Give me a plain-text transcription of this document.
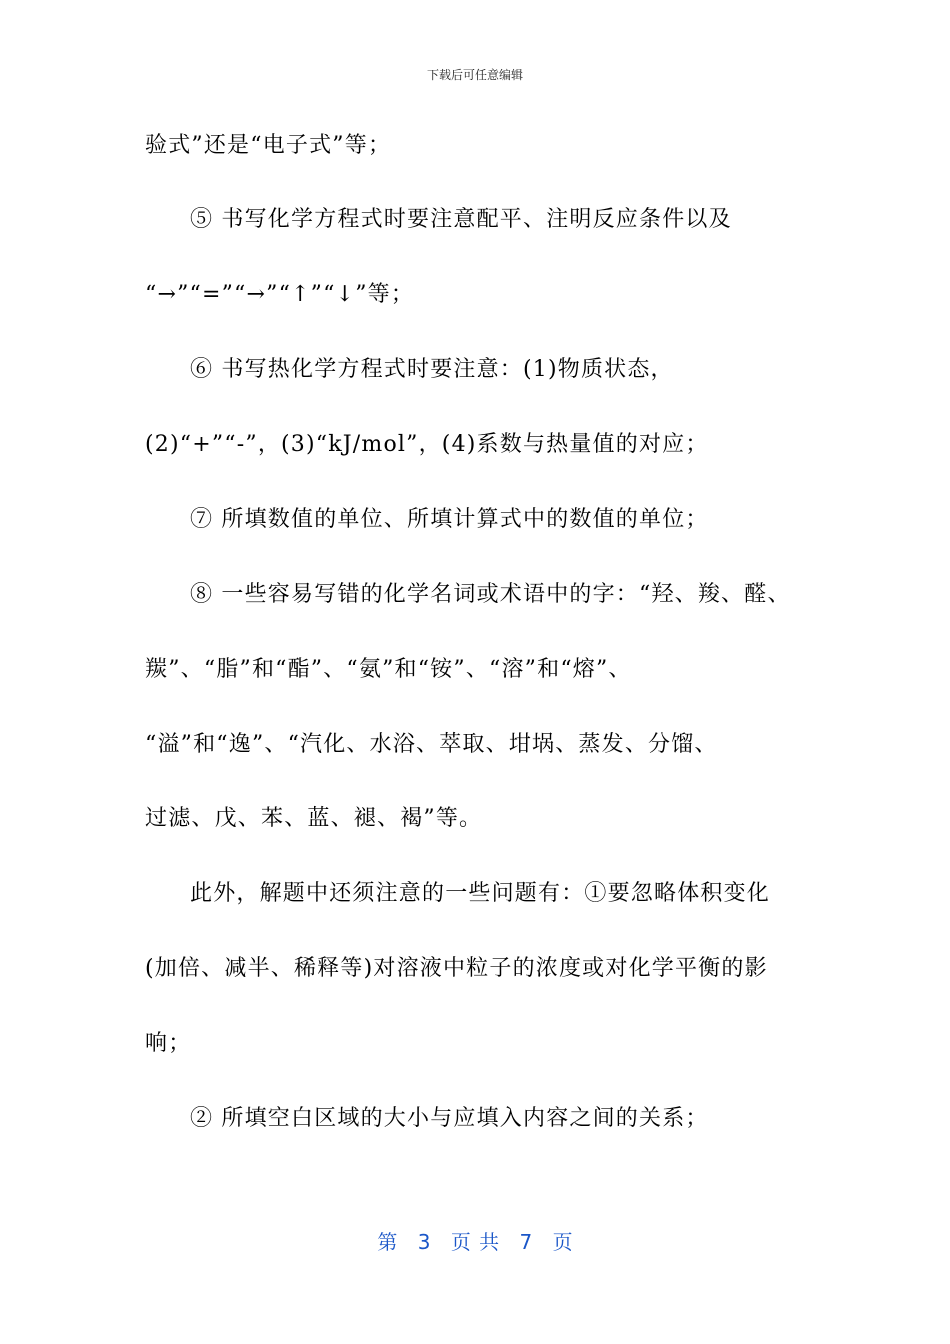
下载后可任意编辑
验式”还是“电子式”等；
⑤ 书写化学方程式时要注意配平、注明反应条件以及
“→”“=”“→”“↑”“↓”等；
⑥ 书写热化学方程式时要注意：(1)物质状态，
(2)“+”“-”，(3)“kJ/mol”，(4)系数与热量值的对应；
⑦ 所填数值的单位、所填计算式中的数值的单位；
⑧ 一些容易写错的化学名词或术语中的字：“羟、羧、醛、
羰”、“脂”和“酯”、“氨”和“铵”、“溶”和“熔”、
“溢”和“逸”、“汽化、水浴、萃取、坩埚、蒸发、分馏、
过滤、戊、苯、蓝、褪、褐”等。
此外，解题中还须注意的一些问题有：①要忽略体积变化
(加倍、减半、稀释等)对溶液中粒子的浓度或对化学平衡的影
响；
② 所填空白区域的大小与应填入内容之间的关系；
第 3 页 共 7 页
